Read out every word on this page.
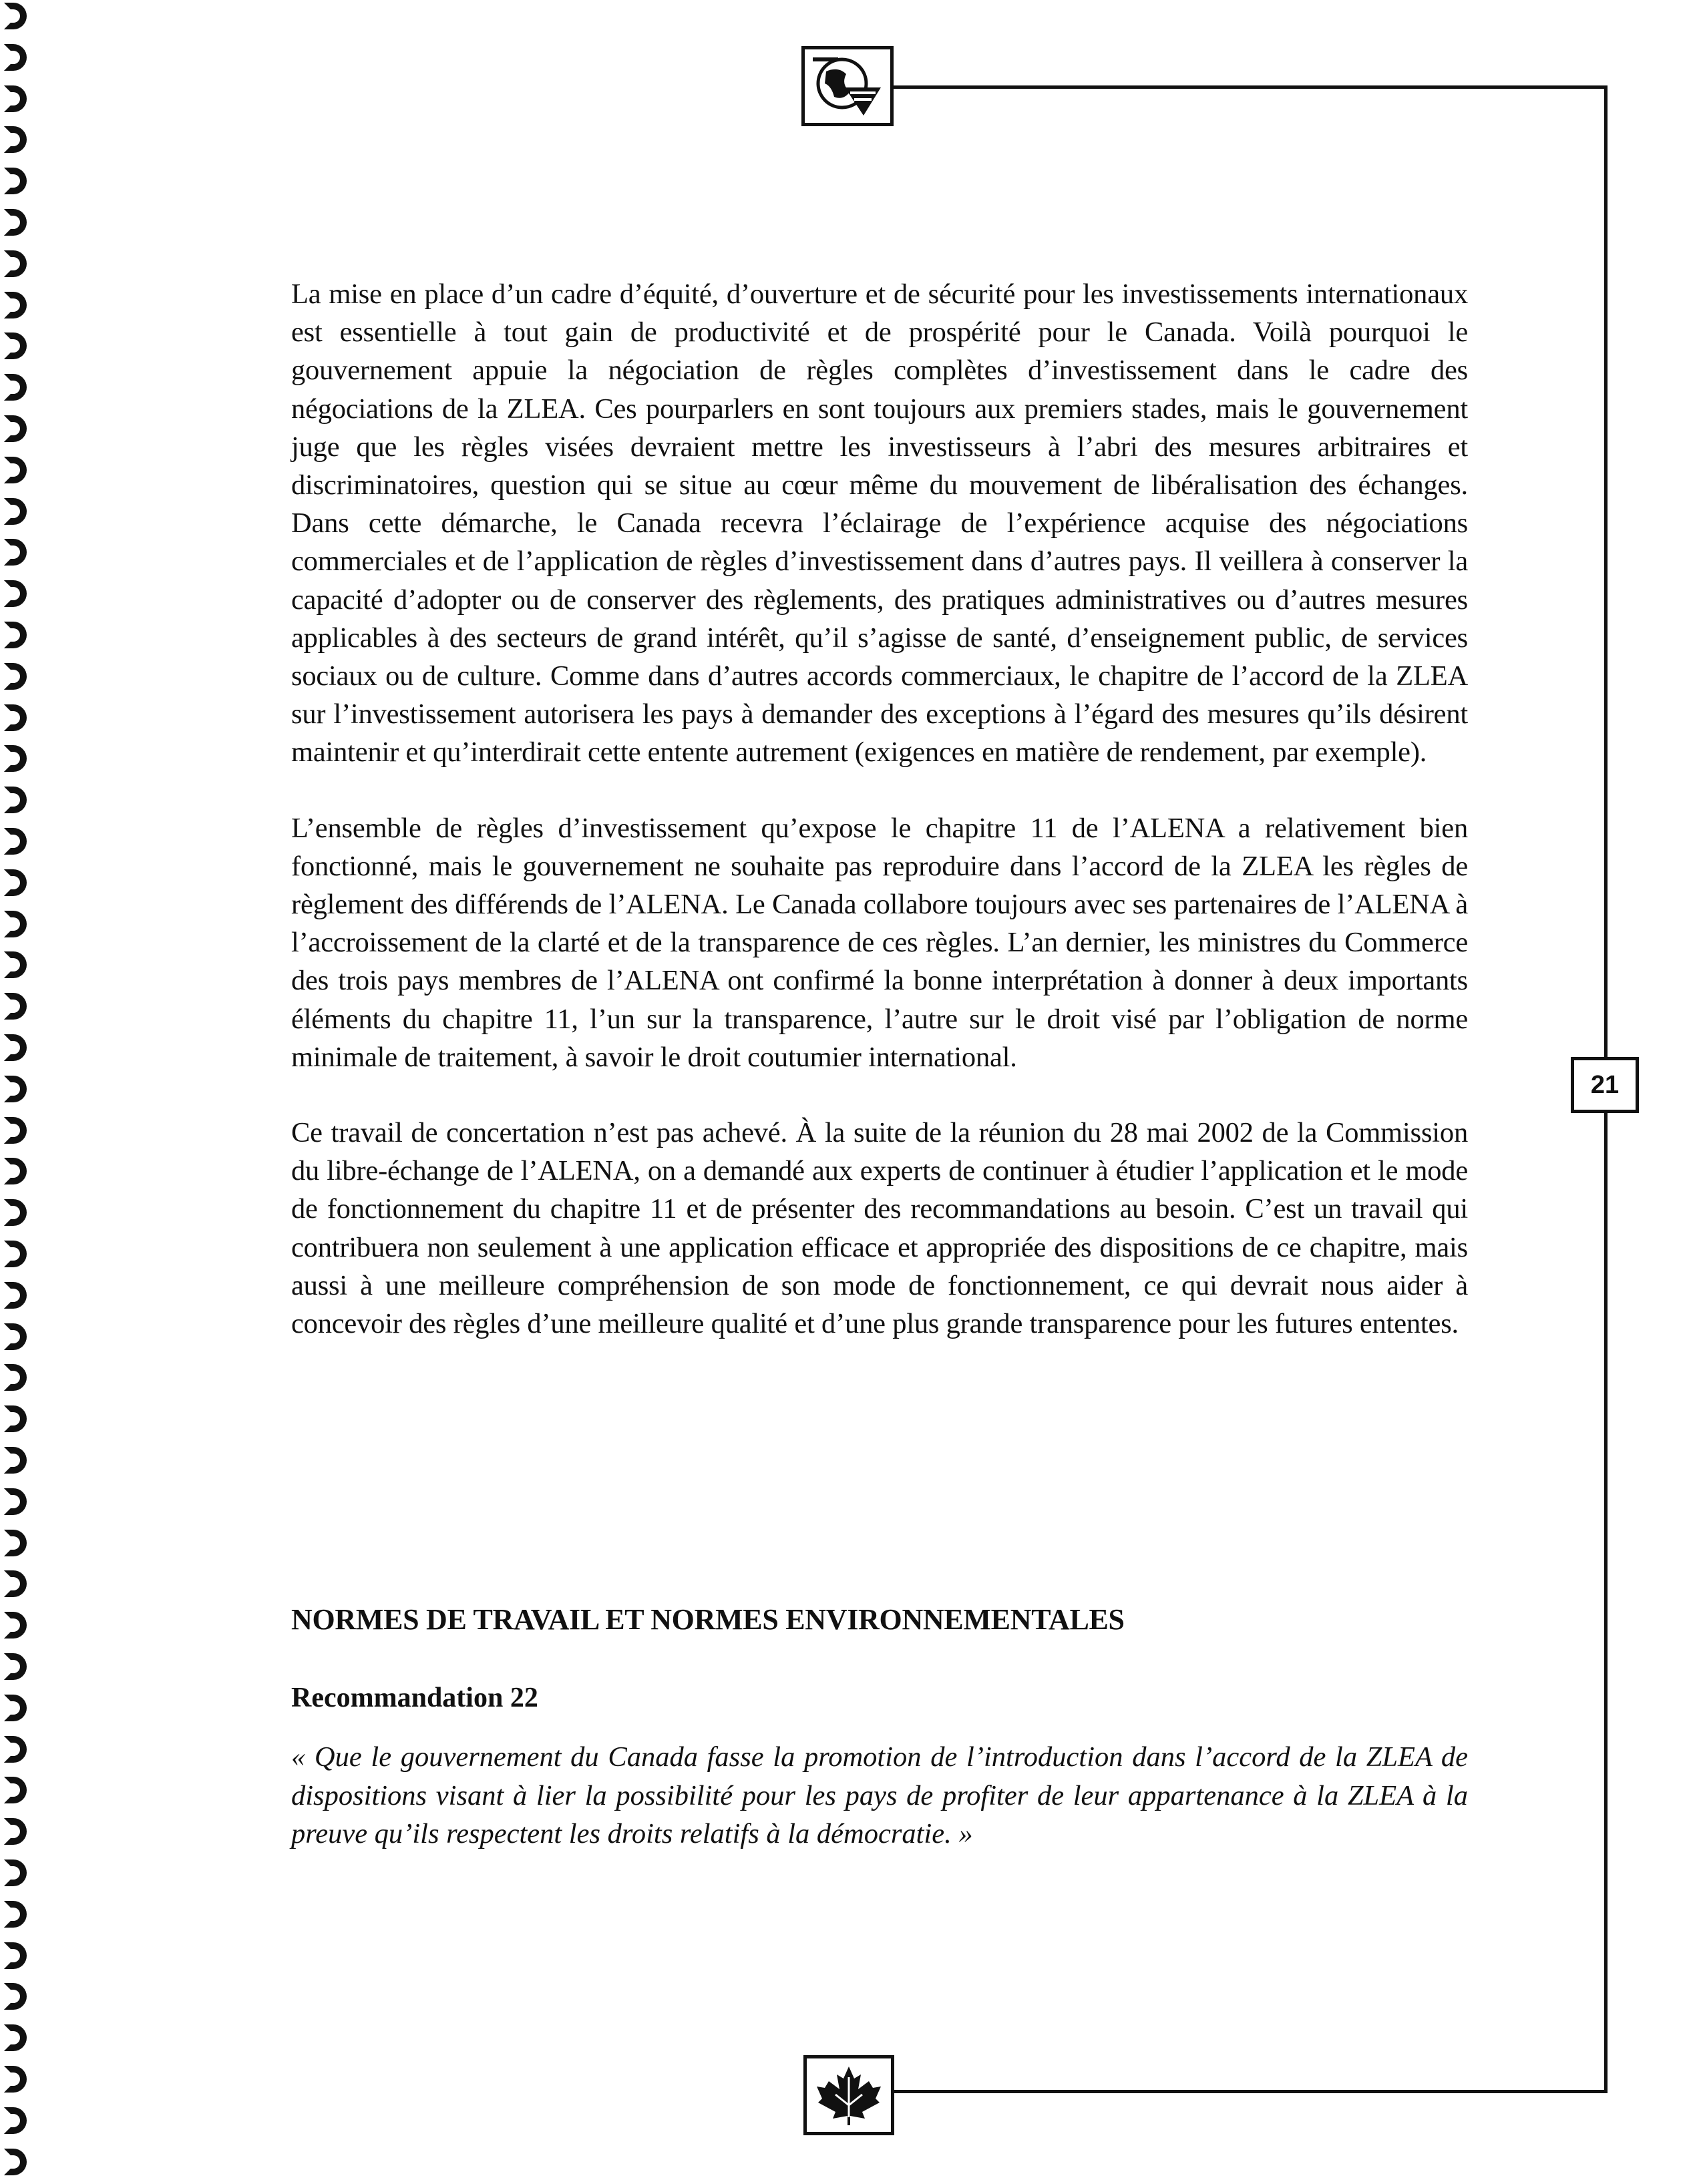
21

La mise en place d’un cadre d’équité, d’ouverture et de sécurité pour les investissements internationaux est essentielle à tout gain de productivité et de prospérité pour le Canada. Voilà pourquoi le gouvernement appuie la négociation de règles complètes d’investissement dans le cadre des négociations de la ZLEA. Ces pourparlers en sont toujours aux premiers stades, mais le gouvernement juge que les règles visées devraient mettre les investisseurs à l’abri des mesures arbitraires et discriminatoires, question qui se situe au cœur même du mouvement de libéralisation des échanges. Dans cette démarche, le Canada recevra l’éclairage de l’expérience acquise des négociations commerciales et de l’application de règles d’investissement dans d’autres pays. Il veillera à conserver la capacité d’adopter ou de conserver des règlements, des pratiques administratives ou d’autres mesures applicables à des secteurs de grand intérêt, qu’il s’agisse de santé, d’enseignement public, de services sociaux ou de culture. Comme dans d’autres accords commerciaux, le chapitre de l’accord de la ZLEA sur l’investissement autorisera les pays à demander des exceptions à l’égard des mesures qu’ils désirent maintenir et qu’interdirait cette entente autrement (exigences en matière de rendement, par exemple).

L’ensemble de règles d’investissement qu’expose le chapitre 11 de l’ALENA a relativement bien fonctionné, mais le gouvernement ne souhaite pas reproduire dans l’accord de la ZLEA les règles de règlement des différends de l’ALENA. Le Canada collabore toujours avec ses partenaires de l’ALENA à l’accroissement de la clarté et de la transparence de ces règles. L’an dernier, les ministres du Commerce des trois pays membres de l’ALENA ont confirmé la bonne interprétation à donner à deux importants éléments du chapitre 11, l’un sur la transparence, l’autre sur le droit visé par l’obligation de norme minimale de traitement, à savoir le droit coutumier international.

Ce travail de concertation n’est pas achevé. À la suite de la réunion du 28 mai 2002 de la Commission du libre-échange de l’ALENA, on a demandé aux experts de continuer à étudier l’application et le mode de fonctionnement du chapitre 11 et de présenter des recommandations au besoin. C’est un travail qui contribuera non seulement à une application efficace et appropriée des dispositions de ce chapitre, mais aussi à une meilleure compréhension de son mode de fonctionnement, ce qui devrait nous aider à concevoir des règles d’une meilleure qualité et d’une plus grande transparence pour les futures ententes.

NORMES DE TRAVAIL ET NORMES ENVIRONNEMENTALES
Recommandation 22

« Que le gouvernement du Canada fasse la promotion de l’introduction dans l’accord de la ZLEA de dispositions visant à lier la possibilité pour les pays de profiter de leur appartenance à la ZLEA à la preuve qu’ils respectent les droits relatifs à la démocratie. »
